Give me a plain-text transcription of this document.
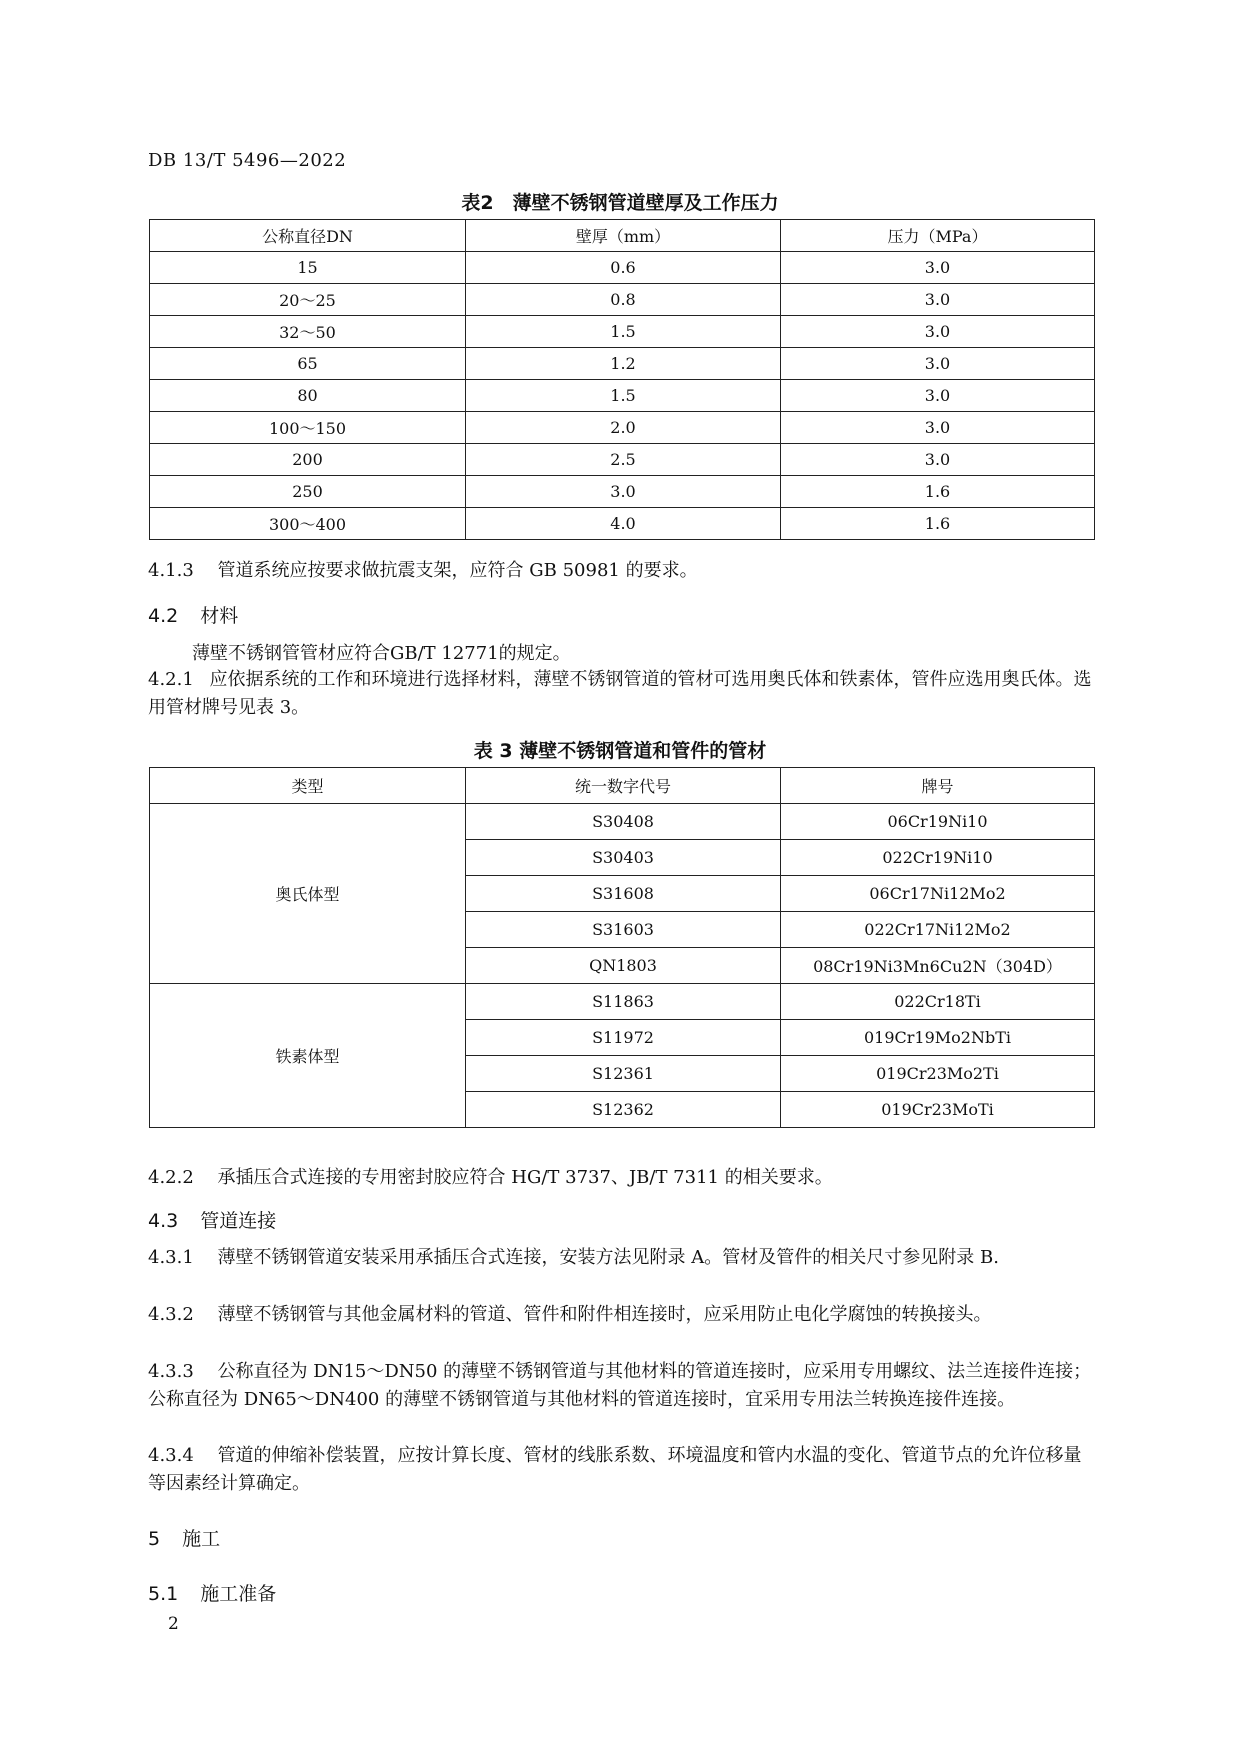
DB 13/T 5496—2022
表2　薄壁不锈钢管道壁厚及工作压力
公称直径DN	壁厚（mm）	压力（MPa）
15	0.6	3.0
20～25	0.8	3.0
32～50	1.5	3.0
65	1.2	3.0
80	1.5	3.0
100～150	2.0	3.0
200	2.5	3.0
250	3.0	1.6
300～400	4.0	1.6
4.1.3 管道系统应按要求做抗震支架，应符合 GB 50981 的要求。
4.2 材料
薄壁不锈钢管管材应符合GB/T 12771的规定。
4.2.1 应依据系统的工作和环境进行选择材料，薄壁不锈钢管道的管材可选用奥氏体和铁素体，管件应选用奥氏体。选用管材牌号见表 3。
表 3 薄壁不锈钢管道和管件的管材
类型	统一数字代号	牌号
奥氏体型	S30408	06Cr19Ni10
	S30403	022Cr19Ni10
	S31608	06Cr17Ni12Mo2
	S31603	022Cr17Ni12Mo2
	QN1803	08Cr19Ni3Mn6Cu2N（304D）
铁素体型	S11863	022Cr18Ti
	S11972	019Cr19Mo2NbTi
	S12361	019Cr23Mo2Ti
	S12362	019Cr23MoTi
4.2.2 承插压合式连接的专用密封胶应符合 HG/T 3737、JB/T 7311 的相关要求。
4.3 管道连接
4.3.1 薄壁不锈钢管道安装采用承插压合式连接，安装方法见附录 A。管材及管件的相关尺寸参见附录 B.
4.3.2 薄壁不锈钢管与其他金属材料的管道、管件和附件相连接时，应采用防止电化学腐蚀的转换接头。
4.3.3 公称直径为 DN15～DN50 的薄壁不锈钢管道与其他材料的管道连接时，应采用专用螺纹、法兰连接件连接；公称直径为 DN65～DN400 的薄壁不锈钢管道与其他材料的管道连接时，宜采用专用法兰转换连接件连接。
4.3.4 管道的伸缩补偿装置，应按计算长度、管材的线胀系数、环境温度和管内水温的变化、管道节点的允许位移量等因素经计算确定。
5 施工
5.1 施工准备
2
